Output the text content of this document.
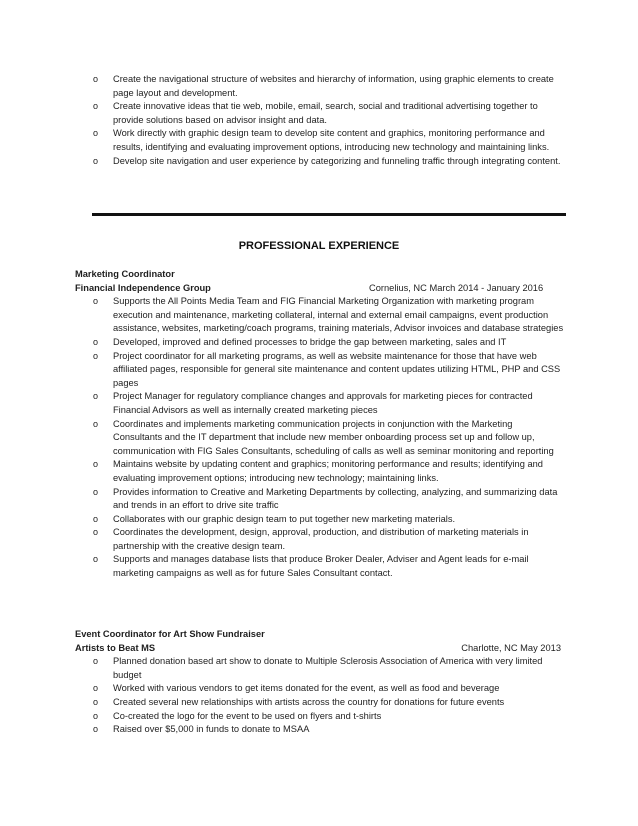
o Create the navigational structure of websites and hierarchy of information, using graphic elements to create page layout and development.
o Create innovative ideas that tie web, mobile, email, search, social and traditional advertising together to provide solutions based on advisor insight and data.
o Work directly with graphic design team to develop site content and graphics, monitoring performance and results, identifying and evaluating improvement options, introducing new technology and maintaining links.
o Develop site navigation and user experience by categorizing and funneling traffic through integrating content.
PROFESSIONAL EXPERIENCE
Marketing Coordinator
Financial Independence Group	Cornelius, NC March 2014 - January 2016
o Supports the All Points Media Team and FIG Financial Marketing Organization with marketing program execution and maintenance, marketing collateral, internal and external email campaigns, event production assistance, websites, marketing/coach programs, training materials, Advisor invoices and database strategies
o Developed, improved and defined processes to bridge the gap between marketing, sales and IT
o Project coordinator for all marketing programs, as well as website maintenance for those that have web affiliated pages, responsible for general site maintenance and content updates utilizing HTML, PHP and CSS pages
o Project Manager for regulatory compliance changes and approvals for marketing pieces for contracted Financial Advisors as well as internally created marketing pieces
o Coordinates and implements marketing communication projects in conjunction with the Marketing Consultants and the IT department that include new member onboarding process set up and follow up, communication with FIG Sales Consultants, scheduling of calls as well as seminar monitoring and reporting
o Maintains website by updating content and graphics; monitoring performance and results; identifying and evaluating improvement options; introducing new technology; maintaining links.
o Provides information to Creative and Marketing Departments by collecting, analyzing, and summarizing data and trends in an effort to drive site traffic
o Collaborates with our graphic design team to put together new marketing materials.
o Coordinates the development, design, approval, production, and distribution of marketing materials in partnership with the creative design team.
o Supports and manages database lists that produce Broker Dealer, Adviser and Agent leads for e-mail marketing campaigns as well as for future Sales Consultant contact.
Event Coordinator for Art Show Fundraiser
Artists to Beat MS	Charlotte, NC May 2013
o Planned donation based art show to donate to Multiple Sclerosis Association of America with very limited budget
o Worked with various vendors to get items donated for the event, as well as food and beverage
o Created several new relationships with artists across the country for donations for future events
o Co-created the logo for the event to be used on flyers and t-shirts
o Raised over $5,000 in funds to donate to MSAA
